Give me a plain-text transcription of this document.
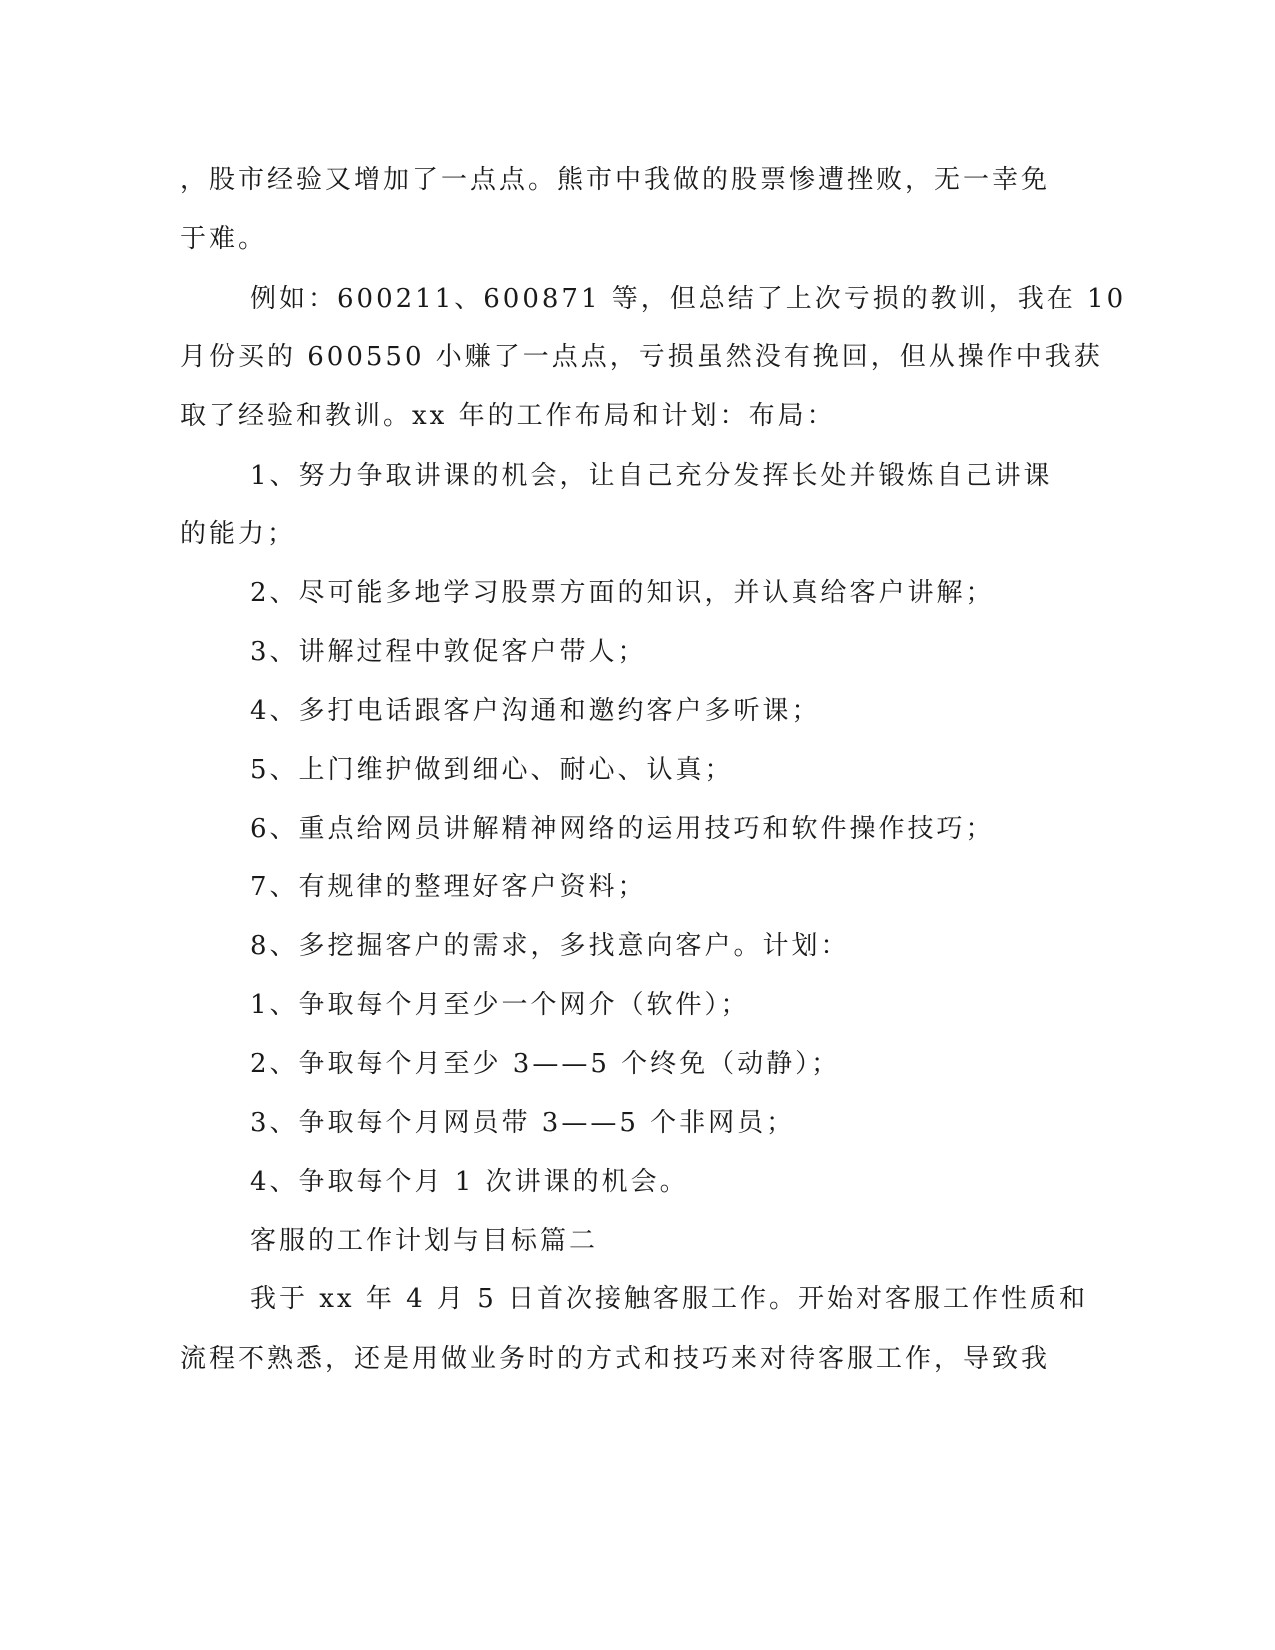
，股市经验又增加了一点点。熊市中我做的股票惨遭挫败，无一幸免
于难。
例如：600211、600871 等，但总结了上次亏损的教训，我在 10
月份买的 600550 小赚了一点点，亏损虽然没有挽回，但从操作中我获
取了经验和教训。xx 年的工作布局和计划：布局：
1、努力争取讲课的机会，让自己充分发挥长处并锻炼自己讲课
的能力；
2、尽可能多地学习股票方面的知识，并认真给客户讲解；
3、讲解过程中敦促客户带人；
4、多打电话跟客户沟通和邀约客户多听课；
5、上门维护做到细心、耐心、认真；
6、重点给网员讲解精神网络的运用技巧和软件操作技巧；
7、有规律的整理好客户资料；
8、多挖掘客户的需求，多找意向客户。计划：
1、争取每个月至少一个网介（软件）；
2、争取每个月至少 3——5 个终免（动静）；
3、争取每个月网员带 3——5 个非网员；
4、争取每个月 1 次讲课的机会。
客服的工作计划与目标篇二
我于 xx 年 4 月 5 日首次接触客服工作。开始对客服工作性质和
流程不熟悉，还是用做业务时的方式和技巧来对待客服工作，导致我
